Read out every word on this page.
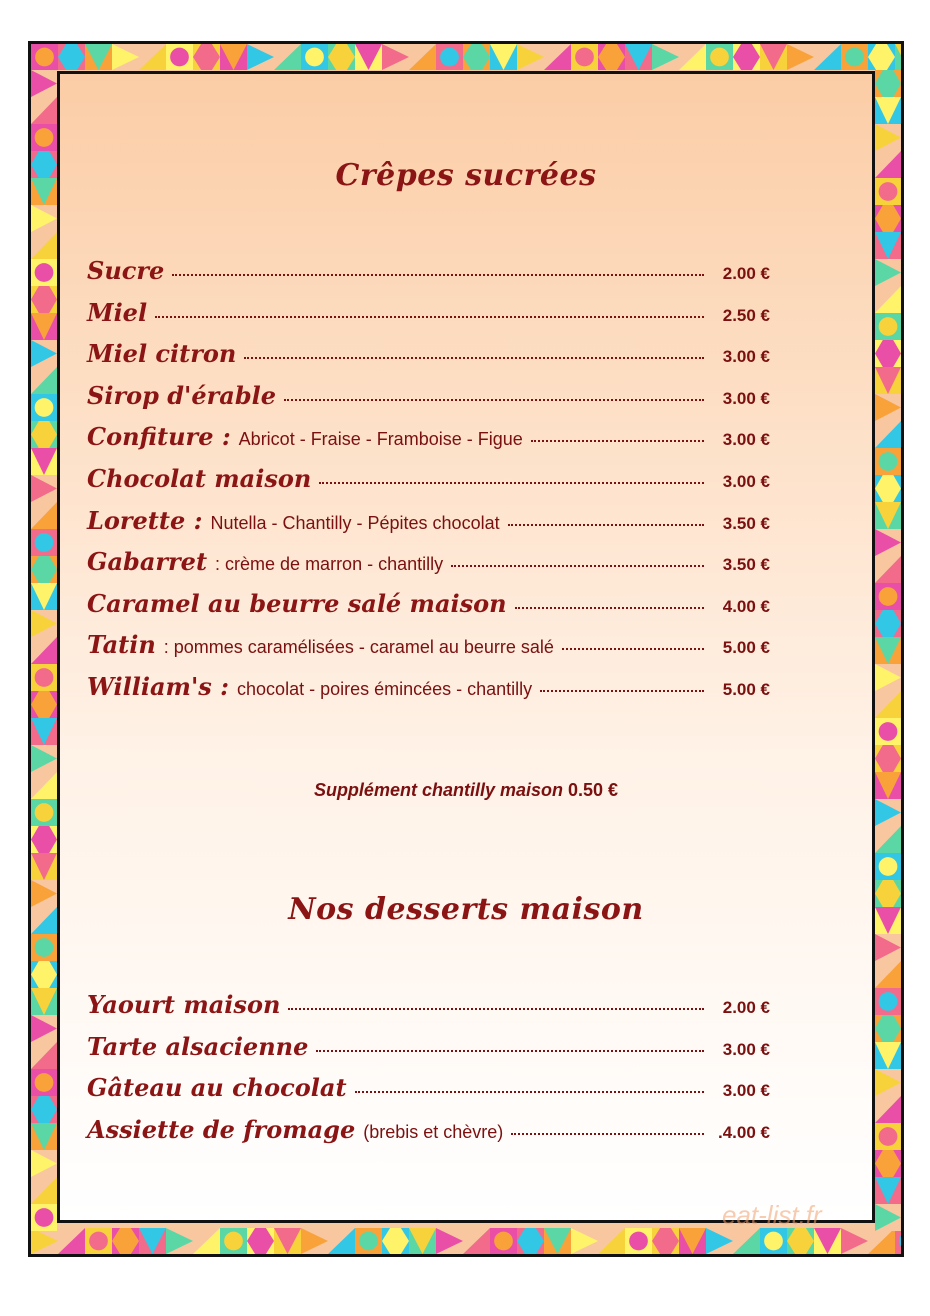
Crêpes sucrées
Sucre	2.00 €
Miel	2.50 €
Miel citron	3.00 €
Sirop d'érable	3.00 €
Confiture : Abricot - Fraise - Framboise - Figue	3.00 €
Chocolat maison	3.00 €
Lorette : Nutella - Chantilly - Pépites chocolat	3.50 €
Gabarret : crème de marron - chantilly	3.50 €
Caramel au beurre salé maison	4.00 €
Tatin : pommes caramélisées - caramel au beurre salé	5.00 €
William's : chocolat - poires émincées - chantilly	5.00 €
Supplément chantilly maison 0.50 €
Nos desserts maison
Yaourt maison	2.00 €
Tarte alsacienne	3.00 €
Gâteau au chocolat	3.00 €
Assiette de fromage (brebis et chèvre)	.4.00 €
eat-list.fr
